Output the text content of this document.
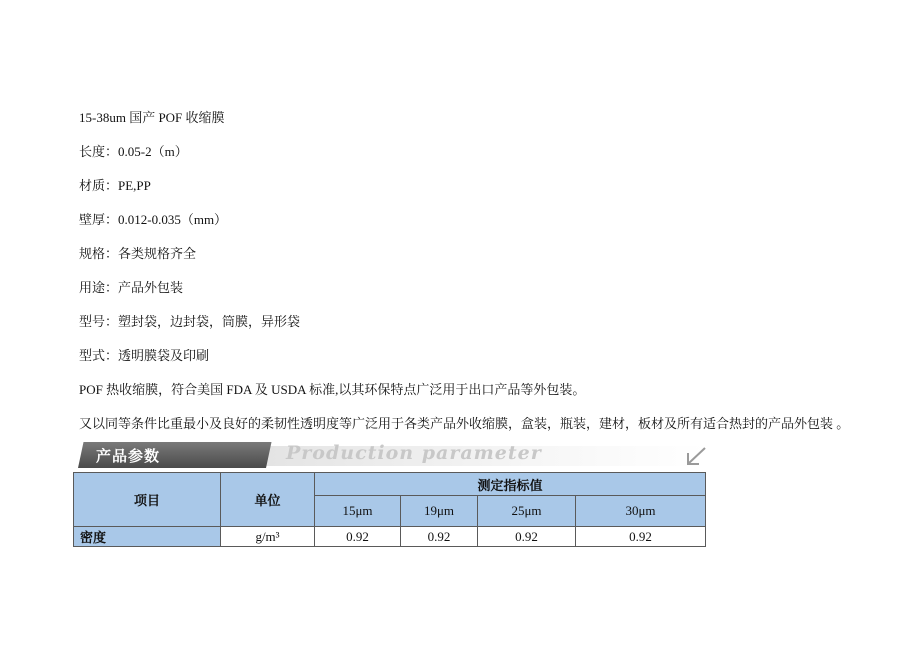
15-38um 国产 POF 收缩膜
长度：0.05-2（m）
材质：PE,PP
壁厚：0.012-0.035（mm）
规格：各类规格齐全
用途：产品外包装
型号：塑封袋，边封袋，筒膜，异形袋
型式：透明膜袋及印刷
POF 热收缩膜，符合美国 FDA 及 USDA 标准,以其环保特点广泛用于出口产品等外包装。
又以同等条件比重最小及良好的柔韧性透明度等广泛用于各类产品外收缩膜，盒装，瓶装，建材，板材及所有适合热封的产品外包装 。
产品参数	Production parameter
项目	单位	测定指标值			
		15μm	19μm	25μm	30μm
密度	g/m³	0.92	0.92	0.92	0.92
